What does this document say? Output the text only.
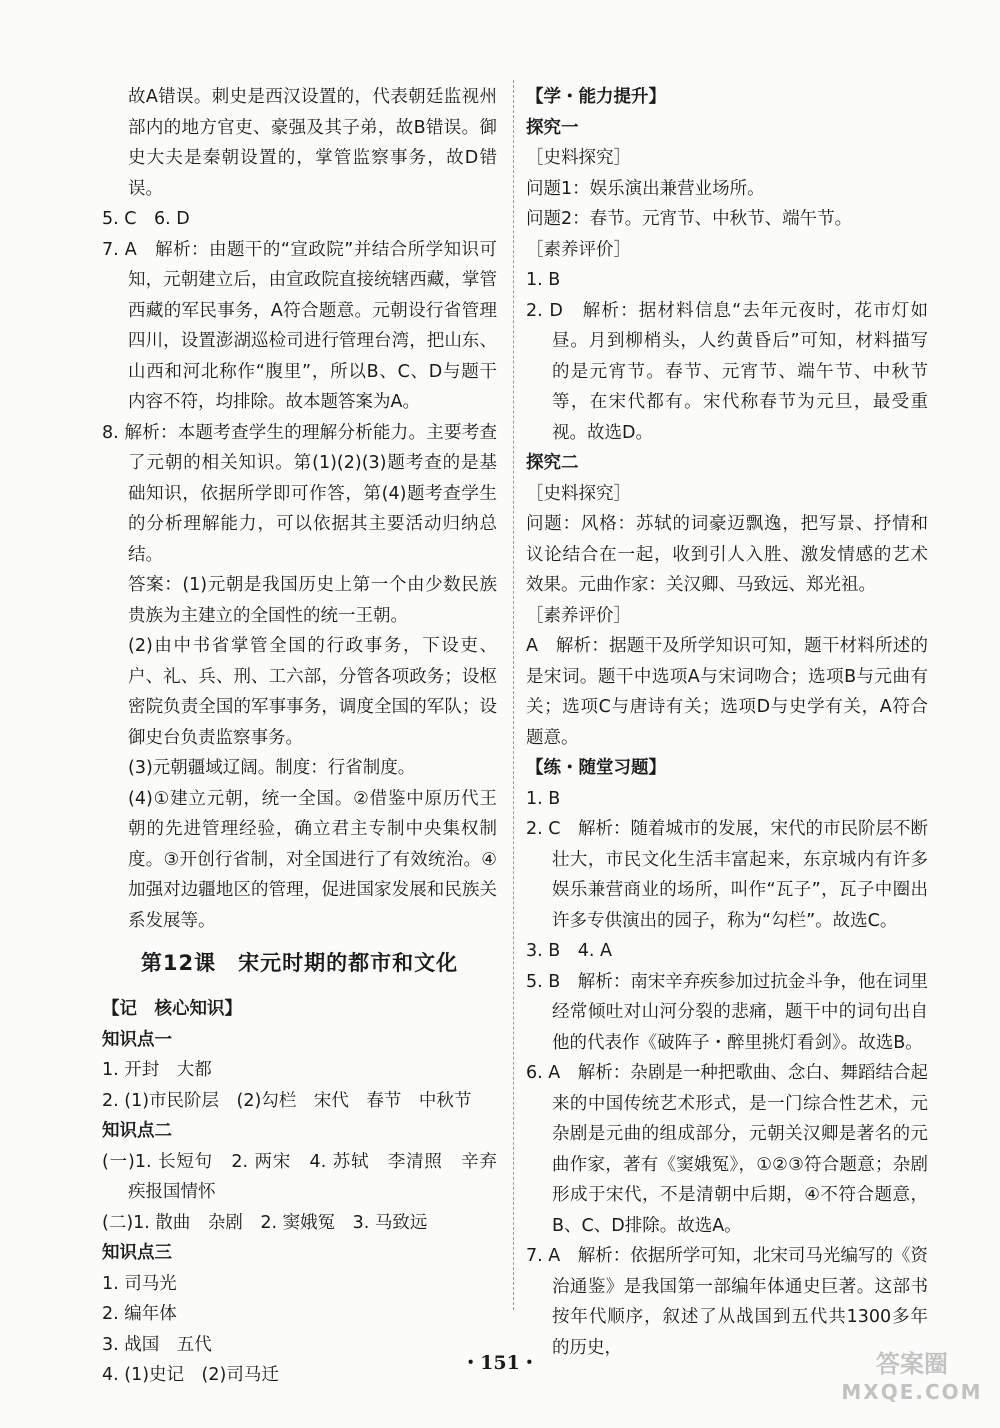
故A错误。刺史是西汉设置的，代表朝廷监视州部内的地方官吏、豪强及其子弟，故B错误。御史大夫是秦朝设置的，掌管监察事务，故D错误。

5. C　6. D

7. A　解析：由题干的“宣政院”并结合所学知识可知，元朝建立后，由宣政院直接统辖西藏，掌管西藏的军民事务，A符合题意。元朝设行省管理四川，设置澎湖巡检司进行管理台湾，把山东、山西和河北称作“腹里”，所以B、C、D与题干内容不符，均排除。故本题答案为A。

8. 解析：本题考查学生的理解分析能力。主要考查了元朝的相关知识。第(1)(2)(3)题考查的是基础知识，依据所学即可作答，第(4)题考查学生的分析理解能力，可以依据其主要活动归纳总结。

答案：(1)元朝是我国历史上第一个由少数民族贵族为主建立的全国性的统一王朝。

(2)由中书省掌管全国的行政事务，下设吏、户、礼、兵、刑、工六部，分管各项政务；设枢密院负责全国的军事事务，调度全国的军队；设御史台负责监察事务。

(3)元朝疆域辽阔。制度：行省制度。

(4)①建立元朝，统一全国。②借鉴中原历代王朝的先进管理经验，确立君主专制中央集权制度。③开创行省制，对全国进行了有效统治。④加强对边疆地区的管理，促进国家发展和民族关系发展等。

第12课　宋元时期的都市和文化

【记　核心知识】

知识点一

1. 开封　大都

2. (1)市民阶层　(2)勾栏　宋代　春节　中秋节

知识点二

(一)1. 长短句　2. 两宋　4. 苏轼　李清照　辛弃疾报国情怀

(二)1. 散曲　杂剧　2. 窦娥冤　3. 马致远

知识点三

1. 司马光

2. 编年体

3. 战国　五代

4. (1)史记　(2)司马迁

【学・能力提升】

探究一

［史料探究］

问题1：娱乐演出兼营业场所。

问题2：春节。元宵节、中秋节、端午节。

［素养评价］

1. B

2. D　解析：据材料信息“去年元夜时，花市灯如昼。月到柳梢头，人约黄昏后”可知，材料描写的是元宵节。春节、元宵节、端午节、中秋节等，在宋代都有。宋代称春节为元旦，最受重视。故选D。

探究二

［史料探究］

问题：风格：苏轼的词豪迈飘逸，把写景、抒情和议论结合在一起，收到引人入胜、激发情感的艺术效果。元曲作家：关汉卿、马致远、郑光祖。

［素养评价］

A　解析：据题干及所学知识可知，题干材料所述的是宋词。题干中选项A与宋词吻合；选项B与元曲有关；选项C与唐诗有关；选项D与史学有关，A符合题意。

【练・随堂习题】

1. B

2. C　解析：随着城市的发展，宋代的市民阶层不断壮大，市民文化生活丰富起来，东京城内有许多娱乐兼营商业的场所，叫作“瓦子”，瓦子中圈出许多专供演出的园子，称为“勾栏”。故选C。

3. B　4. A

5. B　解析：南宋辛弃疾参加过抗金斗争，他在词里经常倾吐对山河分裂的悲痛，题干中的词句出自他的代表作《破阵子・醉里挑灯看剑》。故选B。

6. A　解析：杂剧是一种把歌曲、念白、舞蹈结合起来的中国传统艺术形式，是一门综合性艺术，元杂剧是元曲的组成部分，元朝关汉卿是著名的元曲作家，著有《窦娥冤》，①②③符合题意；杂剧形成于宋代，不是清朝中后期，④不符合题意，B、C、D排除。故选A。

7. A　解析：依据所学可知，北宋司马光编写的《资治通鉴》是我国第一部编年体通史巨著。这部书按年代顺序，叙述了从战国到五代共1300多年的历史，

・151・	答案圈
MXQE.COM
